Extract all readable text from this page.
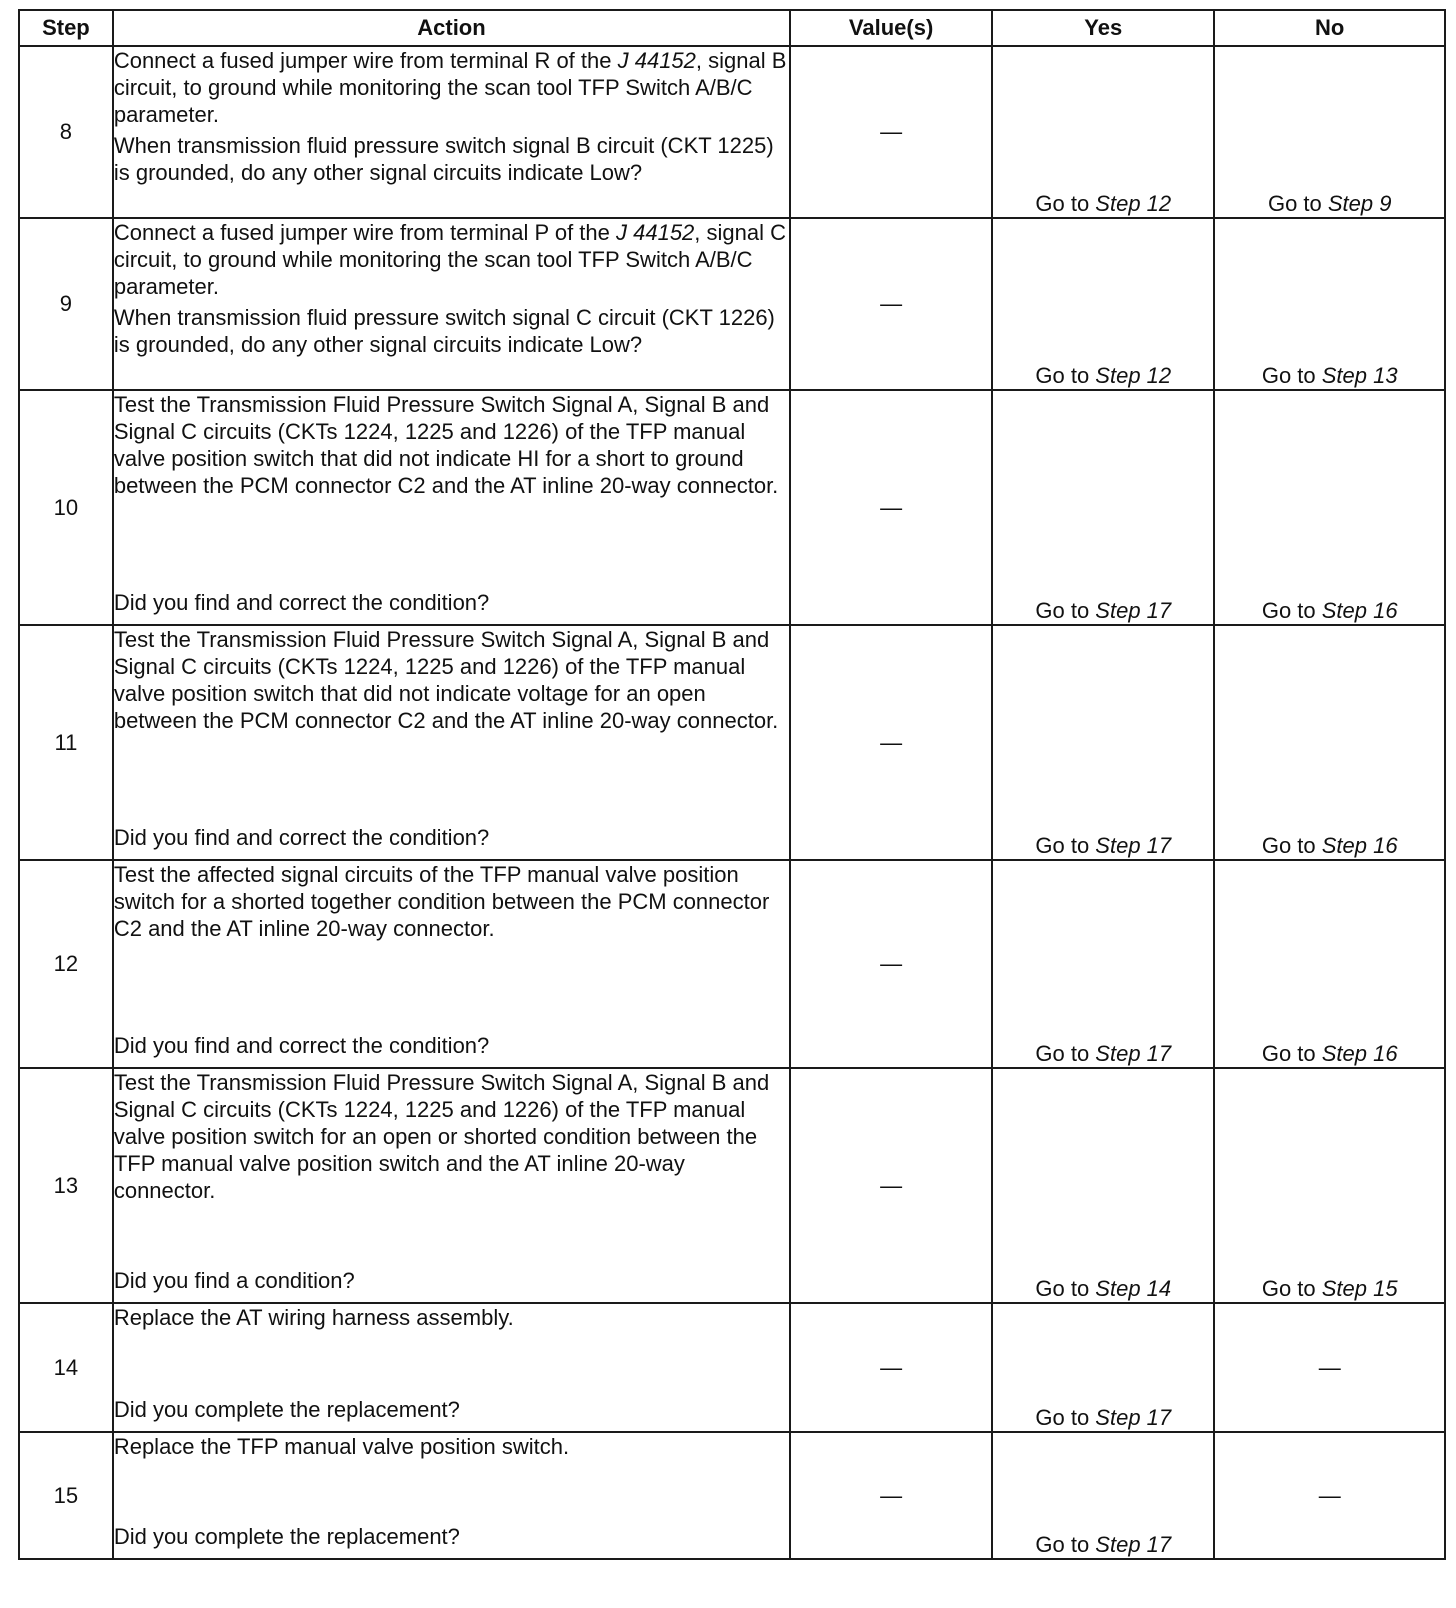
Step	Action	Value(s)	Yes	No
8	Connect a fused jumper wire from terminal R of the J 44152, signal B circuit, to ground while monitoring the scan tool TFP Switch A/B/C parameter.

When transmission fluid pressure switch signal B circuit (CKT 1225) is grounded, do any other signal circuits indicate Low?	—	Go to Step 12	Go to Step 9
9	Connect a fused jumper wire from terminal P of the J 44152, signal C circuit, to ground while monitoring the scan tool TFP Switch A/B/C parameter.

When transmission fluid pressure switch signal C circuit (CKT 1226) is grounded, do any other signal circuits indicate Low?	—	Go to Step 12	Go to Step 13
10	Test the Transmission Fluid Pressure Switch Signal A, Signal B and Signal C circuits (CKTs 1224, 1225 and 1226) of the TFP manual valve position switch that did not indicate HI for a short to ground between the PCM connector C2 and the AT inline 20-way connector.

Did you find and correct the condition?	—	Go to Step 17	Go to Step 16
11	Test the Transmission Fluid Pressure Switch Signal A, Signal B and Signal C circuits (CKTs 1224, 1225 and 1226) of the TFP manual valve position switch that did not indicate voltage for an open between the PCM connector C2 and the AT inline 20-way connector.

Did you find and correct the condition?	—	Go to Step 17	Go to Step 16
12	Test the affected signal circuits of the TFP manual valve position switch for a shorted together condition between the PCM connector C2 and the AT inline 20-way connector.

Did you find and correct the condition?	—	Go to Step 17	Go to Step 16
13	Test the Transmission Fluid Pressure Switch Signal A, Signal B and Signal C circuits (CKTs 1224, 1225 and 1226) of the TFP manual valve position switch for an open or shorted condition between the TFP manual valve position switch and the AT inline 20-way connector.

Did you find a condition?	—	Go to Step 14	Go to Step 15
14	Replace the AT wiring harness assembly.

Did you complete the replacement?	—	Go to Step 17	—
15	Replace the TFP manual valve position switch.

Did you complete the replacement?	—	Go to Step 17	—
